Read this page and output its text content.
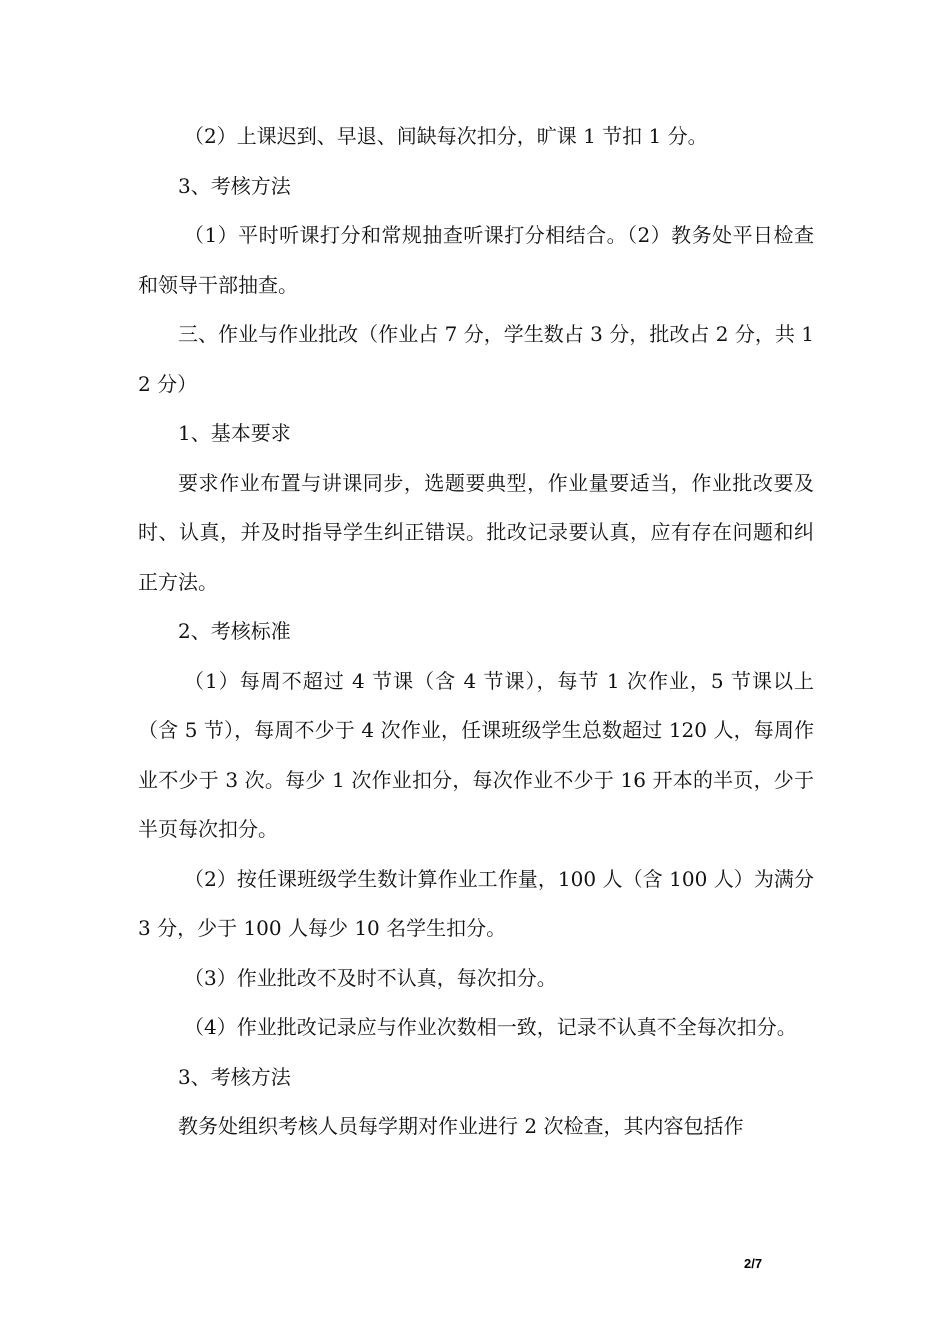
（2）上课迟到、早退、间缺每次扣分，旷课 1 节扣 1 分。

3、考核方法

（1）平时听课打分和常规抽查听课打分相结合。（2）教务处平日检查和领导干部抽查。

三、作业与作业批改（作业占 7 分，学生数占 3 分，批改占 2 分，共 12 分）

1、基本要求

要求作业布置与讲课同步，选题要典型，作业量要适当，作业批改要及时、认真，并及时指导学生纠正错误。批改记录要认真，应有存在问题和纠正方法。

2、考核标准

（1）每周不超过 4 节课（含 4 节课），每节 1 次作业，5 节课以上（含 5 节），每周不少于 4 次作业，任课班级学生总数超过 120 人，每周作业不少于 3 次。每少 1 次作业扣分，每次作业不少于 16 开本的半页，少于半页每次扣分。

（2）按任课班级学生数计算作业工作量，100 人（含 100 人）为满分 3 分，少于 100 人每少 10 名学生扣分。

（3）作业批改不及时不认真，每次扣分。

（4）作业批改记录应与作业次数相一致，记录不认真不全每次扣分。

3、考核方法

教务处组织考核人员每学期对作业进行 2 次检查，其内容包括作

2/7
